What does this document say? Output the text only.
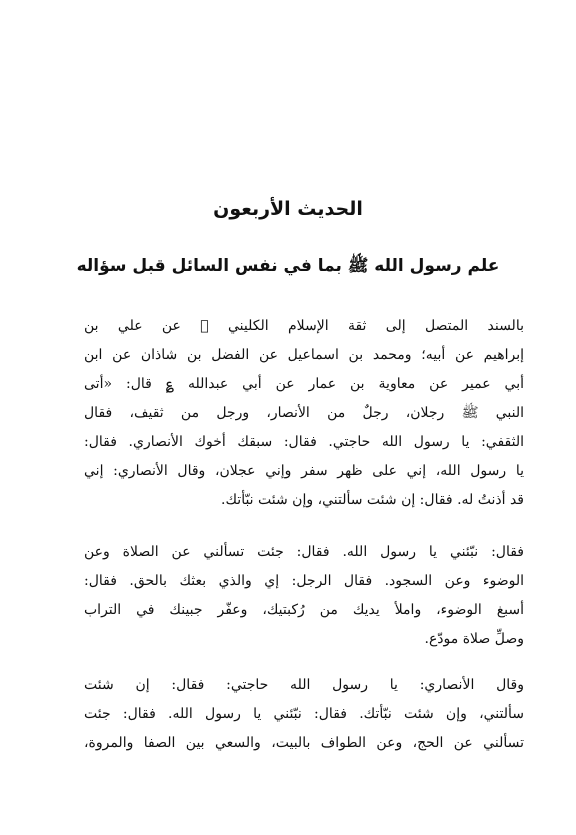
الحديث الأربعون
علم رسول الله ﷺ بما في نفس السائل قبل سؤاله
بالسند المتصل إلى ثقة الإسلام الكليني ﷬ عن علي بن
إبراهيم عن أبيه؛ ومحمد بن اسماعيل عن الفضل بن شاذان عن ابن
أبي عمير عن معاوية بن عمار عن أبي عبدالله ؏ قال: «أتى
النبي ﷺ رجلان، رجلٌ من الأنصار، ورجل من ثقيف، فقال
الثقفي: يا رسول الله حاجتي. فقال: سبقك أخوك الأنصاري. فقال:
يا رسول الله، إني على ظهر سفر وإني عجلان، وقال الأنصاري: إني
قد أذنتُ له. فقال: إن شئت سألتني، وإن شئت نبّأتك.
فقال: نبّئني يا رسول الله. فقال: جئت تسألني عن الصلاة وعن
الوضوء وعن السجود. فقال الرجل: إي والذي بعثك بالحق. فقال:
أسبغ الوضوء، واملأ يديك من رُكبتيك، وعفّر جبينك في التراب
وصلِّ صلاة مودّع.
وقال الأنصاري: يا رسول الله حاجتي: فقال: إن شئت
سألتني، وإن شئت نبّأتك. فقال: نبّئني يا رسول الله. فقال: جئت
تسألني عن الحج، وعن الطواف بالبيت، والسعي بين الصفا والمروة،
